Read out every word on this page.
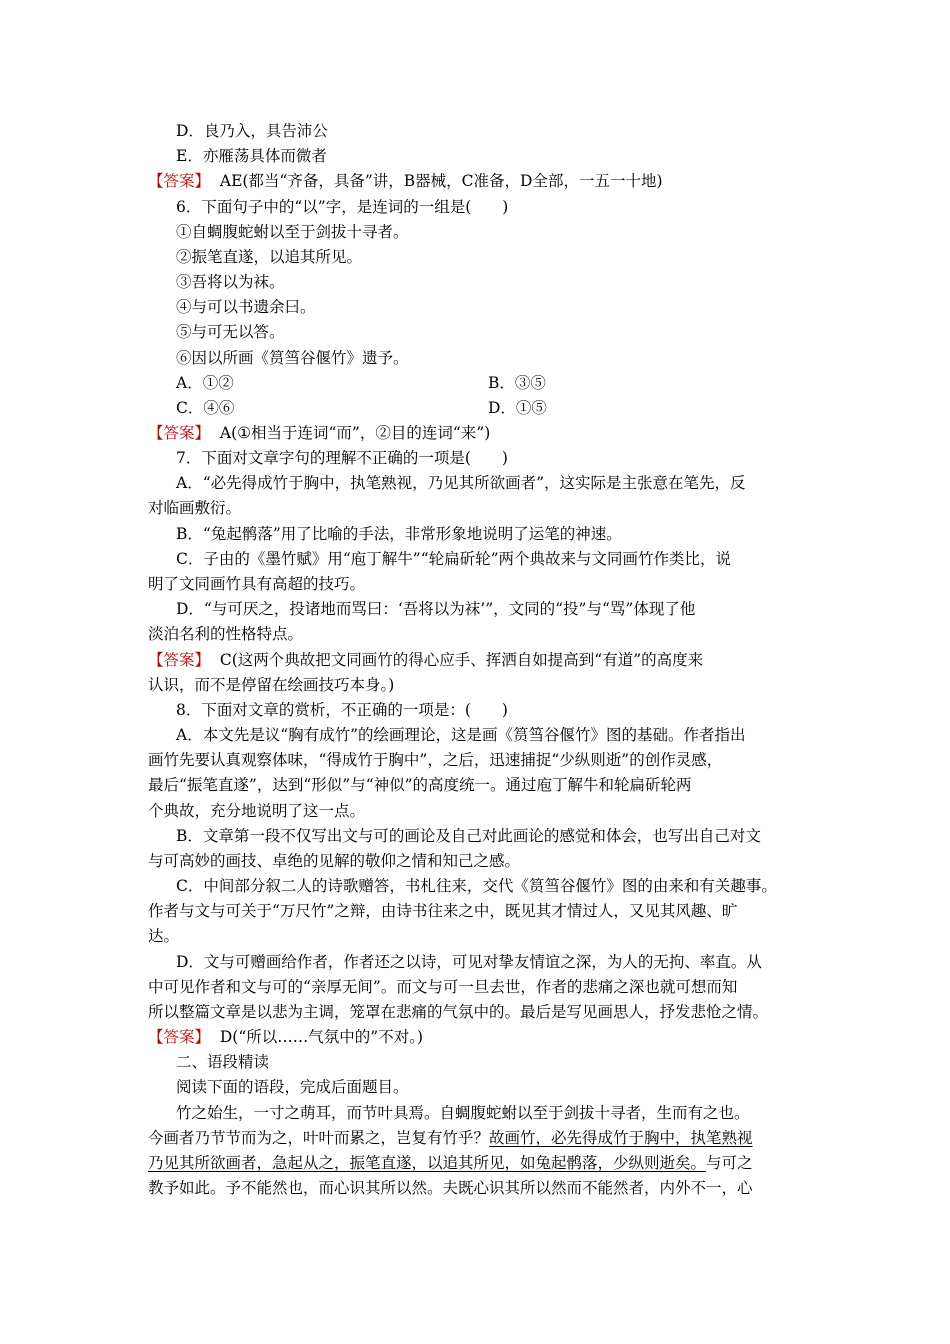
D．良乃入，具告沛公
E．亦雁荡具体而微者
【答案】 AE(都当“齐备，具备”讲，B器械，C准备，D全部，一五一十地)
6．下面句子中的“以”字，是连词的一组是(　　)
①自蜩腹蛇蚹以至于剑拔十寻者。
②振笔直遂，以追其所见。
③吾将以为袜。
④与可以书遗余曰。
⑤与可无以答。
⑥因以所画《筼筜谷偃竹》遗予。
A．①②	B．③⑤
C．④⑥	D．①⑤
【答案】 A(①相当于连词“而”，②目的连词“来”)
7．下面对文章字句的理解不正确的一项是(　　)
A．“必先得成竹于胸中，执笔熟视，乃见其所欲画者”，这实际是主张意在笔先，反
对临画敷衍。
B．“兔起鹘落”用了比喻的手法，非常形象地说明了运笔的神速。
C．子由的《墨竹赋》用“庖丁解牛”“轮扁斫轮”两个典故来与文同画竹作类比，说
明了文同画竹具有高超的技巧。
D．“与可厌之，投诸地而骂曰：‘吾将以为袜’”，文同的“投”与“骂”体现了他
淡泊名利的性格特点。
【答案】 C(这两个典故把文同画竹的得心应手、挥洒自如提高到“有道”的高度来
认识，而不是停留在绘画技巧本身。)
8．下面对文章的赏析，不正确的一项是：(　　)
A．本文先是议“胸有成竹”的绘画理论，这是画《筼筜谷偃竹》图的基础。作者指出
画竹先要认真观察体味，“得成竹于胸中”，之后，迅速捕捉“少纵则逝”的创作灵感，
最后“振笔直遂”，达到“形似”与“神似”的高度统一。通过庖丁解牛和轮扁斫轮两
个典故，充分地说明了这一点。
B．文章第一段不仅写出文与可的画论及自己对此画论的感觉和体会，也写出自己对文
与可高妙的画技、卓绝的见解的敬仰之情和知己之感。
C．中间部分叙二人的诗歌赠答，书札往来，交代《筼筜谷偃竹》图的由来和有关趣事。
作者与文与可关于“万尺竹”之辩，由诗书往来之中，既见其才情过人，又见其风趣、旷
达。
D．文与可赠画给作者，作者还之以诗，可见对挚友情谊之深，为人的无拘、率直。从
中可见作者和文与可的“亲厚无间”。而文与可一旦去世，作者的悲痛之深也就可想而知
所以整篇文章是以悲为主调，笼罩在悲痛的气氛中的。最后是写见画思人，抒发悲怆之情。
【答案】 D(“所以……气氛中的”不对。)
二、语段精读
阅读下面的语段，完成后面题目。
竹之始生，一寸之萌耳，而节叶具焉。自蜩腹蛇蚹以至于剑拔十寻者，生而有之也。
今画者乃节节而为之，叶叶而累之，岂复有竹乎？故画竹，必先得成竹于胸中，执笔熟视
乃见其所欲画者，急起从之，振笔直遂，以追其所见，如兔起鹘落，少纵则逝矣。与可之
教予如此。予不能然也，而心识其所以然。夫既心识其所以然而不能然者，内外不一，心
